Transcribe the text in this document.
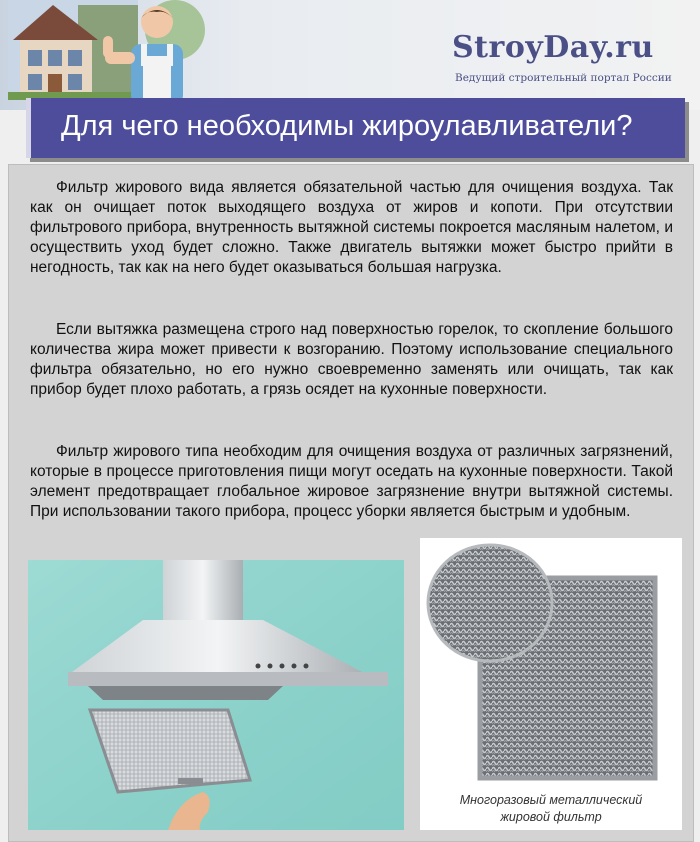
StroyDay.ru
Ведущий строительный портал России
Для чего необходимы жироулавливатели?

Фильтр жирового вида является обязательной частью для очищения воздуха. Так как он очищает поток выходящего воздуха от жиров и копоти. При отсутствии фильтрового прибора, внутренность вытяжной системы покроется масляным налетом, и осуществить уход будет сложно. Также двигатель вытяжки может быстро прийти в негодность, так как на него будет оказываться большая нагрузка.

Если вытяжка размещена строго над поверхностью горелок, то скопление большого количества жира может привести к возгоранию. Поэтому использование специального фильтра обязательно, но его нужно своевременно заменять или очищать, так как прибор будет плохо работать, а грязь осядет на кухонные поверхности.

Фильтр жирового типа необходим для очищения воздуха от различных загрязнений, которые в процессе приготовления пищи могут оседать на кухонные поверхности. Такой элемент предотвращает глобальное жировое загрязнение внутри вытяжной системы. При использовании такого прибора, процесс уборки является быстрым и удобным.

Многоразовый металлический
жировой фильтр
